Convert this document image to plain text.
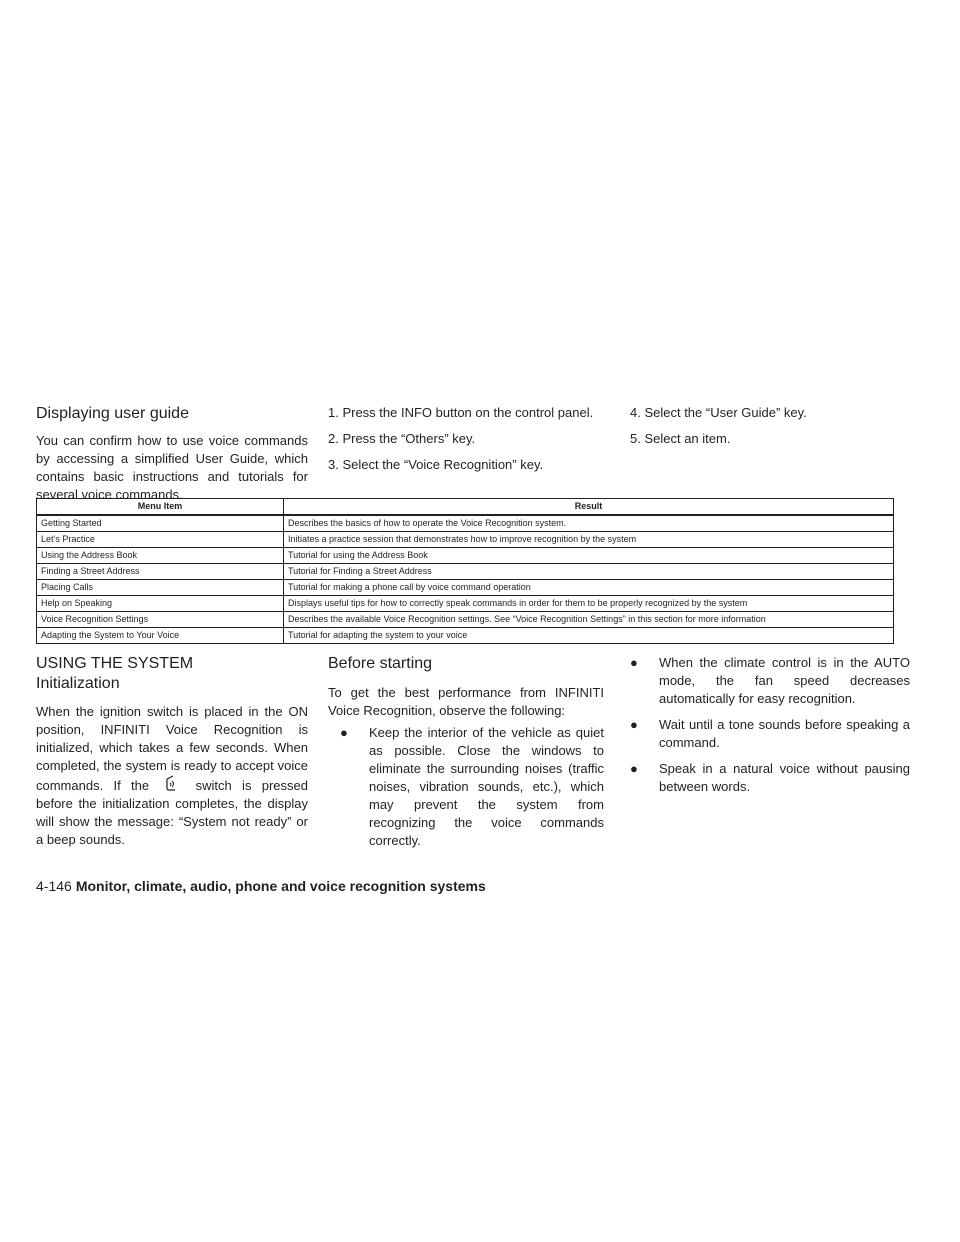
Displaying user guide

You can confirm how to use voice commands by accessing a simplified User Guide, which contains basic instructions and tutorials for several voice commands.

1. Press the INFO button on the control panel.

2. Press the “Others” key.

3. Select the “Voice Recognition” key.

4. Select the “User Guide” key.

5. Select an item.

Menu Item	Result
Getting Started	Describes the basics of how to operate the Voice Recognition system.
Let’s Practice	Initiates a practice session that demonstrates how to improve recognition by the system
Using the Address Book	Tutorial for using the Address Book
Finding a Street Address	Tutorial for Finding a Street Address
Placing Calls	Tutorial for making a phone call by voice command operation
Help on Speaking	Displays useful tips for how to correctly speak commands in order for them to be properly recognized by the system
Voice Recognition Settings	Describes the available Voice Recognition settings. See “Voice Recognition Settings” in this section for more information
Adapting the System to Your Voice	Tutorial for adapting the system to your voice
USING THE SYSTEM
Initialization

When the ignition switch is placed in the ON position, INFINITI Voice Recognition is initialized, which takes a few seconds. When completed, the system is ready to accept voice commands. If the	switch is pressed before the initialization completes, the display will show the message: “System not ready” or a beep sounds.

Before starting

To get the best performance from INFINITI Voice Recognition, observe the following:

●	Keep the interior of the vehicle as quiet as possible. Close the windows to eliminate the surrounding noises (traffic noises, vibration sounds, etc.), which may prevent the system from recognizing the voice commands correctly.
●	When the climate control is in the AUTO mode, the fan speed decreases automatically for easy recognition.
●	Wait until a tone sounds before speaking a command.
●	Speak in a natural voice without pausing between words.
4-146 Monitor, climate, audio, phone and voice recognition systems
